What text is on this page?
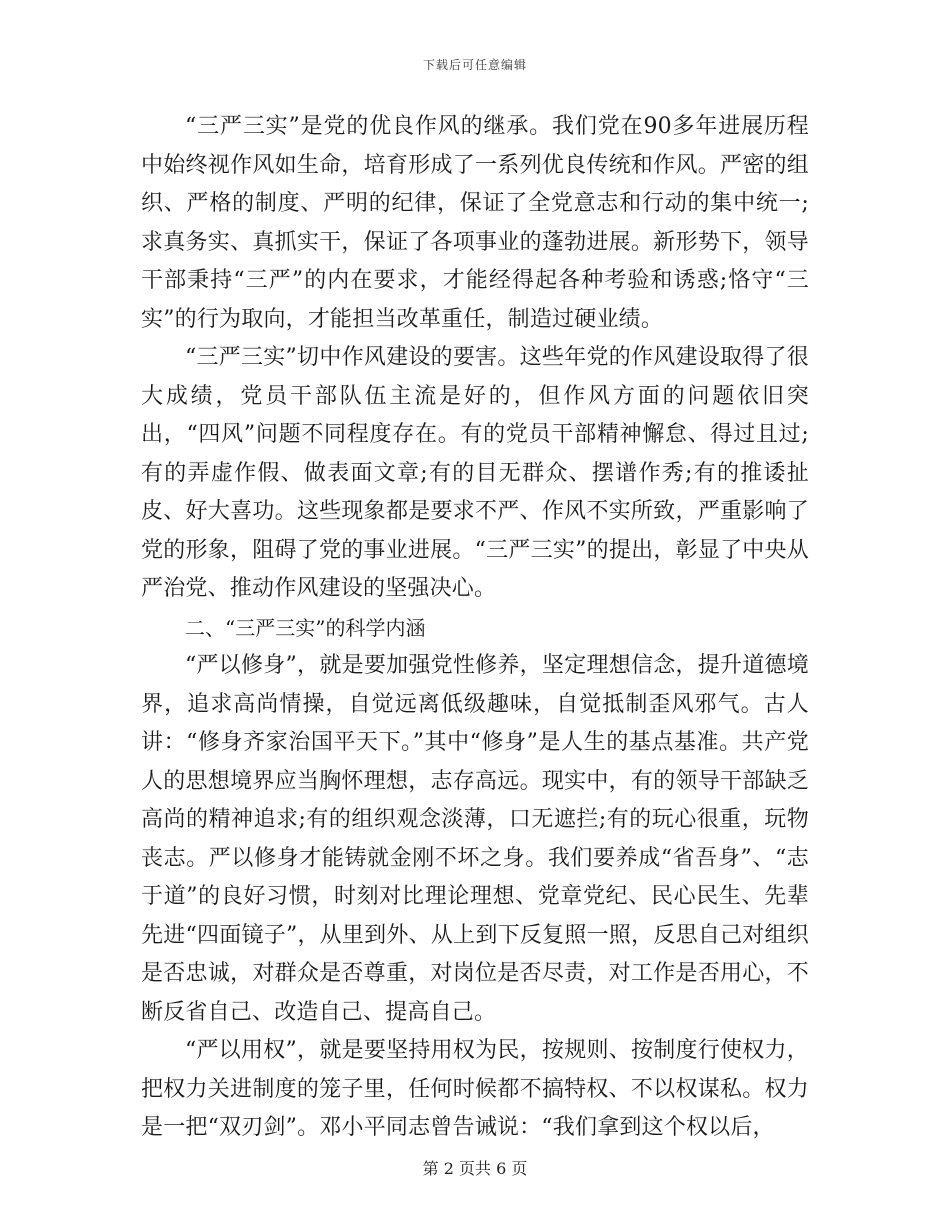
下载后可任意编辑

“三严三实”是党的优良作风的继承。我们党在90多年进展历程中始终视作风如生命，培育形成了一系列优良传统和作风。严密的组织、严格的制度、严明的纪律，保证了全党意志和行动的集中统一;求真务实、真抓实干，保证了各项事业的蓬勃进展。新形势下，领导干部秉持“三严”的内在要求，才能经得起各种考验和诱惑;恪守“三实”的行为取向，才能担当改革重任，制造过硬业绩。

“三严三实”切中作风建设的要害。这些年党的作风建设取得了很大成绩，党员干部队伍主流是好的，但作风方面的问题依旧突出，“四风”问题不同程度存在。有的党员干部精神懈怠、得过且过;有的弄虚作假、做表面文章;有的目无群众、摆谱作秀;有的推诿扯皮、好大喜功。这些现象都是要求不严、作风不实所致，严重影响了党的形象，阻碍了党的事业进展。“三严三实”的提出，彰显了中央从严治党、推动作风建设的坚强决心。

二、“三严三实”的科学内涵

“严以修身”，就是要加强党性修养，坚定理想信念，提升道德境界，追求高尚情操，自觉远离低级趣味，自觉抵制歪风邪气。古人讲：“修身齐家治国平天下。”其中“修身”是人生的基点基准。共产党人的思想境界应当胸怀理想，志存高远。现实中，有的领导干部缺乏高尚的精神追求;有的组织观念淡薄，口无遮拦;有的玩心很重，玩物丧志。严以修身才能铸就金刚不坏之身。我们要养成“省吾身”、“志于道”的良好习惯，时刻对比理论理想、党章党纪、民心民生、先辈先进“四面镜子”，从里到外、从上到下反复照一照，反思自己对组织是否忠诚，对群众是否尊重，对岗位是否尽责，对工作是否用心，不断反省自己、改造自己、提高自己。

“严以用权”，就是要坚持用权为民，按规则、按制度行使权力，把权力关进制度的笼子里，任何时候都不搞特权、不以权谋私。权力是一把“双刃剑”。邓小平同志曾告诫说：“我们拿到这个权以后，

第 2 页共 6 页
